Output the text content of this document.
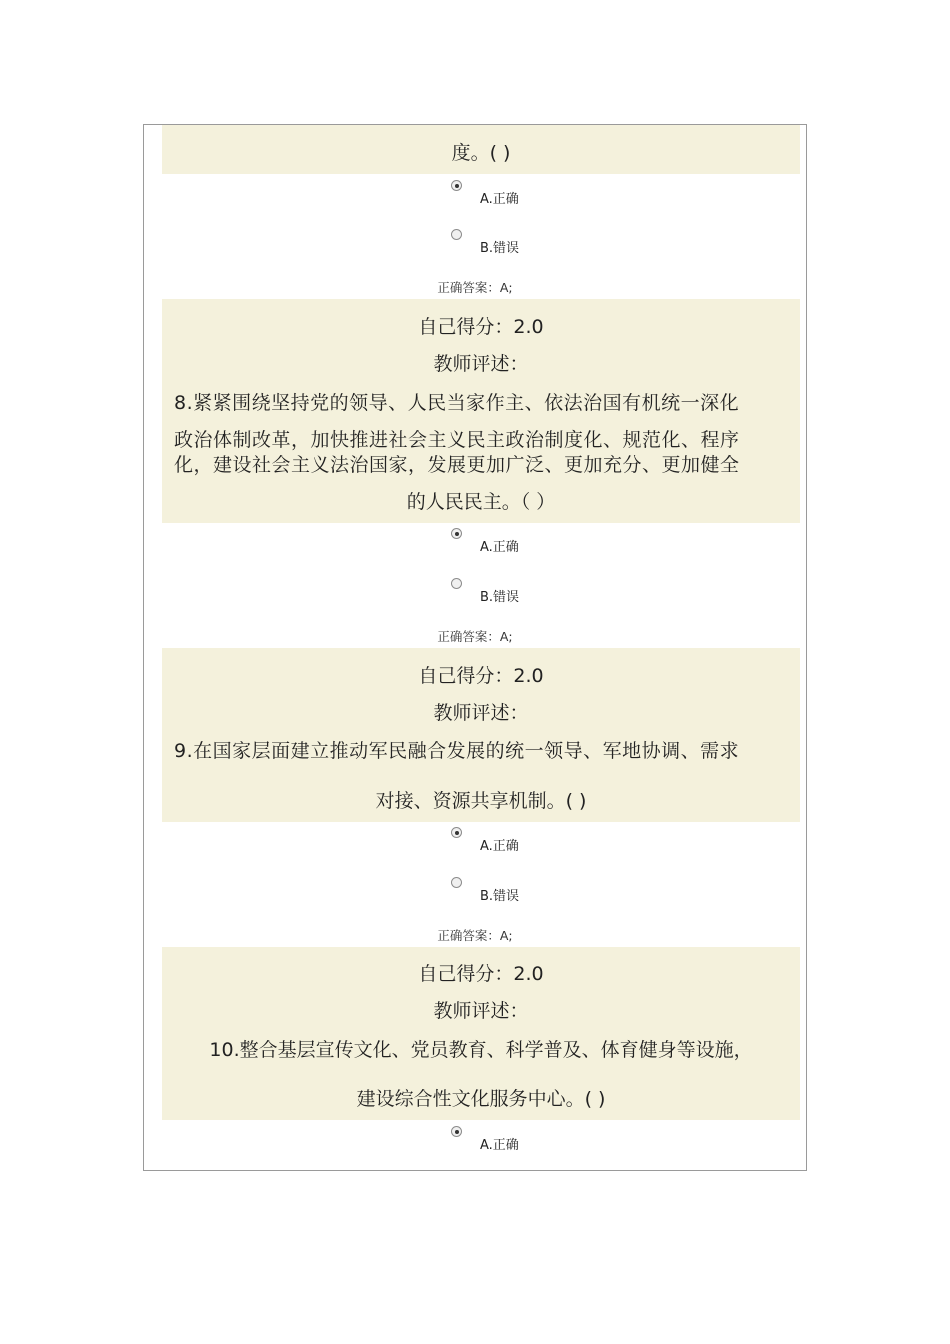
度。( )
A.正确
B.错误
正确答案：A;
自己得分：2.0
教师评述：
8.紧紧围绕坚持党的领导、人民当家作主、依法治国有机统一深化
政治体制改革，加快推进社会主义民主政治制度化、规范化、程序
化，建设社会主义法治国家，发展更加广泛、更加充分、更加健全
的人民民主。（ ）
A.正确
B.错误
正确答案：A;
自己得分：2.0
教师评述：
9.在国家层面建立推动军民融合发展的统一领导、军地协调、需求
对接、资源共享机制。( )
A.正确
B.错误
正确答案：A;
自己得分：2.0
教师评述：
10.整合基层宣传文化、党员教育、科学普及、体育健身等设施，
建设综合性文化服务中心。( )
A.正确
